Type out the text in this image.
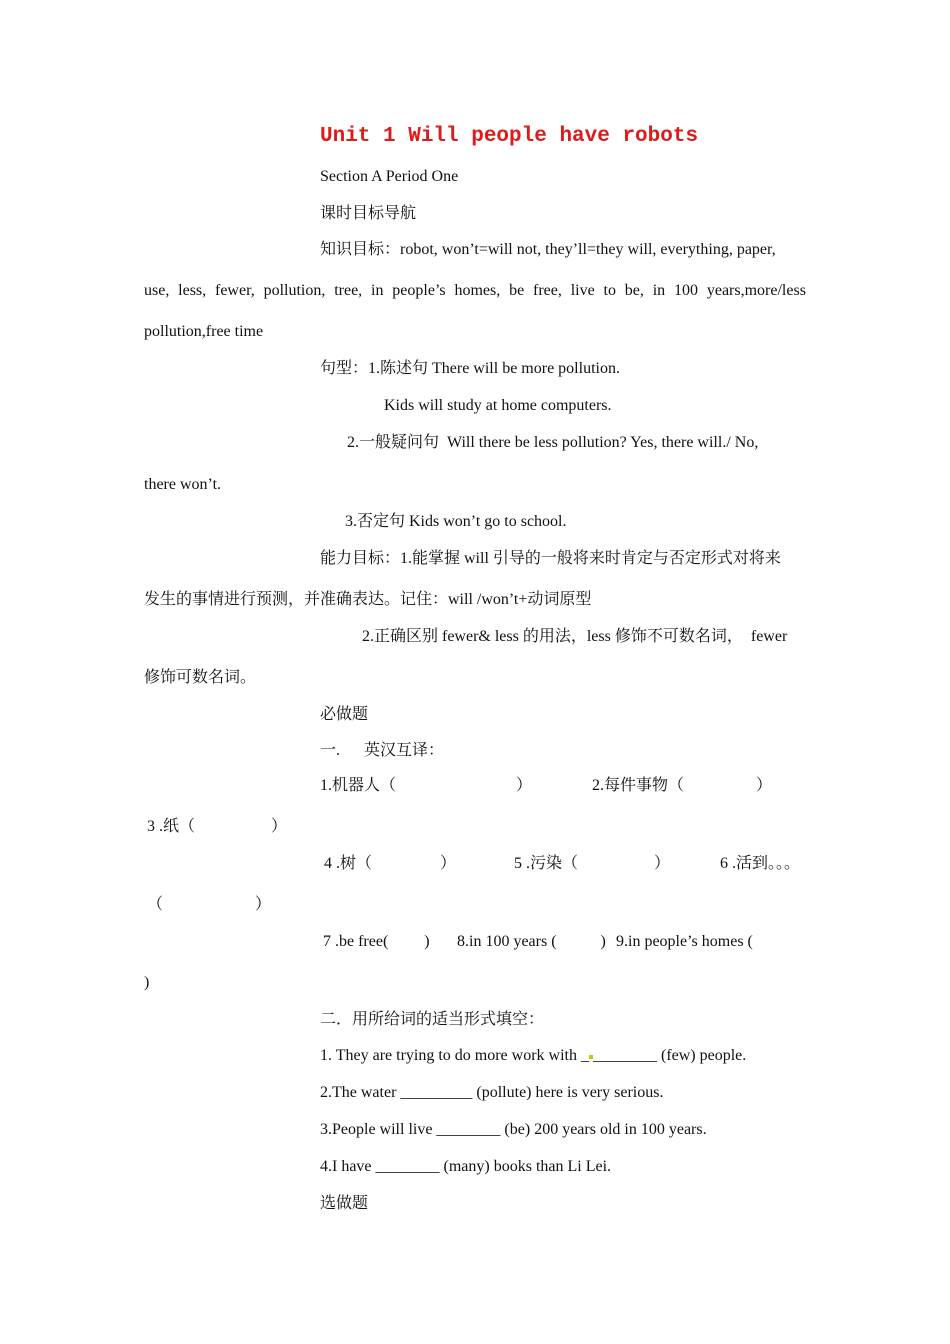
Unit 1 Will people have robots
Section A Period One
课时目标导航
知识目标：robot, won’t=will not, they’ll=they will, everything, paper,
use, less, fewer, pollution, tree, in people’s homes, be free, live to be, in 100 years,more/less
pollution,free time
句型：1.陈述句 There will be more pollution.
Kids will study at home computers.
2.一般疑问句  Will there be less pollution? Yes, there will./ No,
there won’t.
3.否定句 Kids won’t go to school.
能力目标：1.能掌握 will 引导的一般将来时肯定与否定形式对将来
发生的事情进行预测，并准确表达。记住：will /won’t+动词原型
2.正确区别 fewer& less 的用法，less 修饰不可数名词，  fewer
修饰可数名词。
必做题
一.　  英汉互译：
1.机器人（                              ）	2.每件事物（                  ）
3 .纸（                   ）
4 .树（                 ）	5 .污染（                   ）	6 .活到。。。
（                       ）
7 .be free(         ) 8.in 100 years (           ) 9.in people’s homes (
)
二．用所给词的适当形式填空：
1. They are trying to do more work with _ ________ (few) people.
2.The water _________ (pollute) here is very serious.
3.People will live ________ (be) 200 years old in 100 years.
4.I have ________ (many) books than Li Lei.
选做题
